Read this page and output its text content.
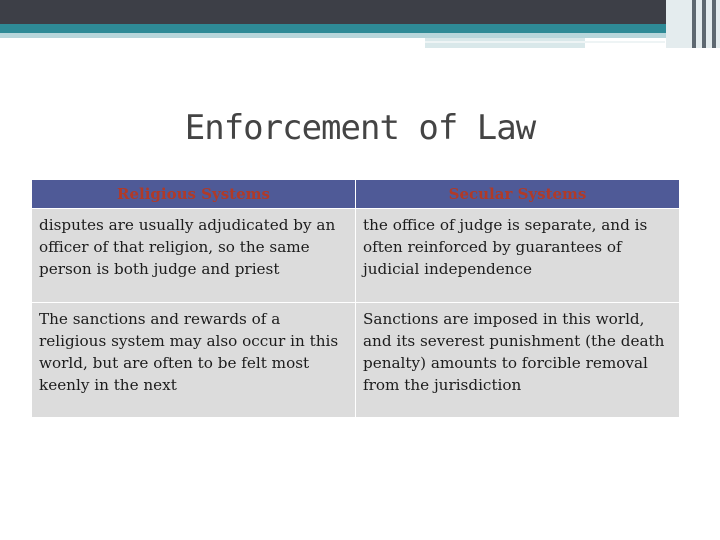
Enforcement of Law
Religious Systems	Secular Systems
disputes are usually adjudicated by an officer of that religion, so the same person is both judge and priest	the office of judge is separate, and is often reinforced by guarantees of judicial independence
The sanctions and rewards of a religious system may also occur in this world, but are often to be felt most keenly in the next	Sanctions are imposed in this world, and its severest punishment (the death penalty) amounts to forcible removal from the jurisdiction
